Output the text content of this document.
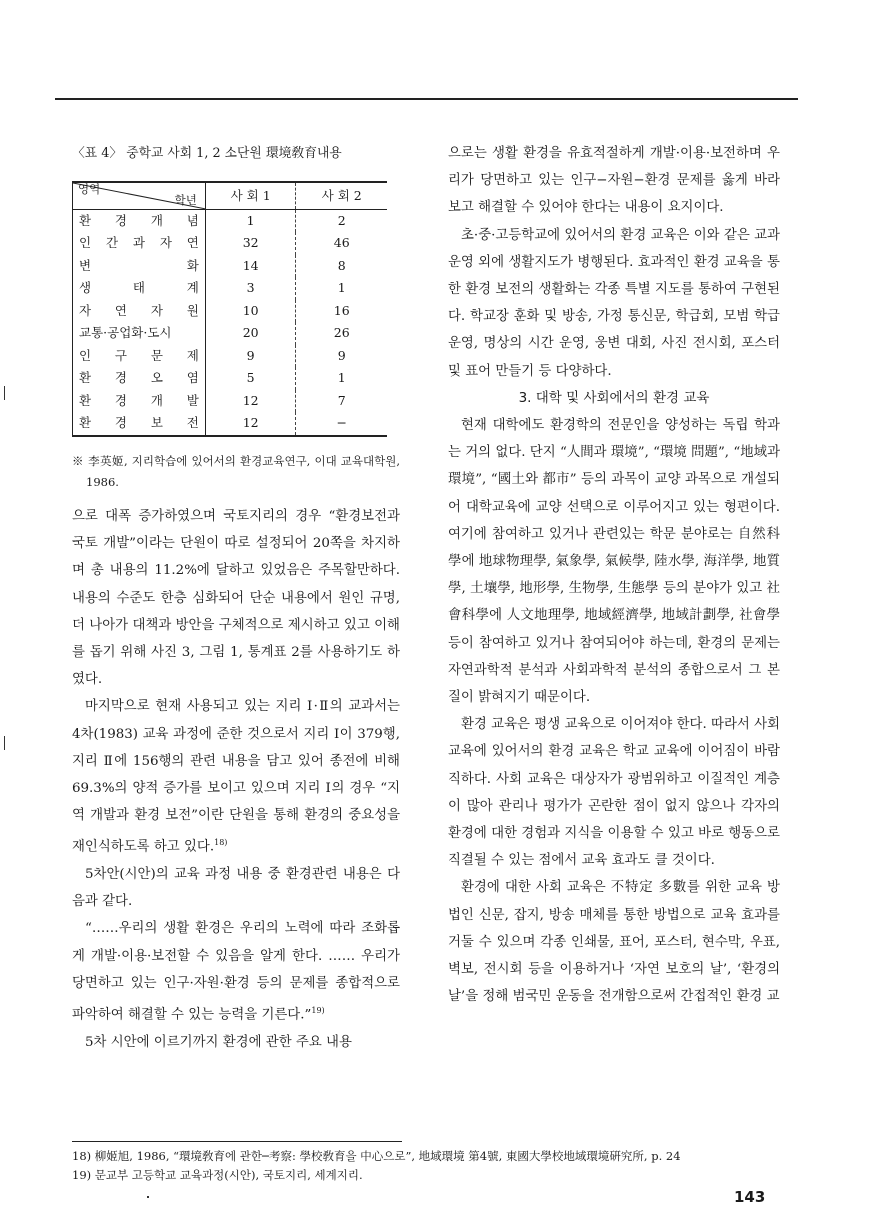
〈표 4〉 중학교 사회 1, 2 소단원 環境敎育내용

영역
학년	사 회 1	사 회 2
환 경 개 념	1	2
인 간 과 자 연	32	46
변 화	14	8
생 태 계	3	1
자 연 자 원	10	16
교통·공업화·도시	20	26
인 구 문 제	9	9
환 경 오 염	5	1
환 경 개 발	12	7
환 경 보 전	12	−

※ 李英姬, 지리학습에 있어서의 환경교육연구, 이대 교육대학원, 1986.

으로 대폭 증가하였으며 국토지리의 경우 “환경보전과 국토 개발”이라는 단원이 따로 설정되어 20쪽을 차지하며 총 내용의 11.2%에 달하고 있었음은 주목할만하다. 내용의 수준도 한층 심화되어 단순 내용에서 원인 규명, 더 나아가 대책과 방안을 구체적으로 제시하고 있고 이해를 돕기 위해 사진 3, 그림 1, 통계표 2를 사용하기도 하였다.

마지막으로 현재 사용되고 있는 지리 Ⅰ·Ⅱ의 교과서는 4차(1983) 교육 과정에 준한 것으로서 지리 Ⅰ이 379행, 지리 Ⅱ에 156행의 관련 내용을 담고 있어 종전에 비해 69.3%의 양적 증가를 보이고 있으며 지리 Ⅰ의 경우 “지역 개발과 환경 보전”이란 단원을 통해 환경의 중요성을 재인식하도록 하고 있다.$^{18)}$

5차안(시안)의 교육 과정 내용 중 환경관련 내용은 다음과 같다.

“……우리의 생활 환경은 우리의 노력에 따라 조화롭게 개발·이용·보전할 수 있음을 알게 한다. …… 우리가 당면하고 있는 인구·자원·환경 등의 문제를 종합적으로 파악하여 해결할 수 있는 능력을 기른다.”$^{19)}$

5차 시안에 이르기까지 환경에 관한 주요 내용

으로는 생활 환경을 유효적절하게 개발·이용·보전하며 우리가 당면하고 있는 인구−자원−환경 문제를 옳게 바라보고 해결할 수 있어야 한다는 내용이 요지이다.

초·중·고등학교에 있어서의 환경 교육은 이와 같은 교과 운영 외에 생활지도가 병행된다. 효과적인 환경 교육을 통한 환경 보전의 생활화는 각종 특별 지도를 통하여 구현된다. 학교장 훈화 및 방송, 가정 통신문, 학급회, 모범 학급 운영, 명상의 시간 운영, 웅변 대회, 사진 전시회, 포스터 및 표어 만들기 등 다양하다.

3. 대학 및 사회에서의 환경 교육

현재 대학에도 환경학의 전문인을 양성하는 독립 학과는 거의 없다. 단지 “人間과 環境”, “環境 問題”, “地域과 環境”, “國土와 都市” 등의 과목이 교양 과목으로 개설되어 대학교육에 교양 선택으로 이루어지고 있는 형편이다. 여기에 참여하고 있거나 관련있는 학문 분야로는 自然科學에 地球物理學, 氣象學, 氣候學, 陸水學, 海洋學, 地質學, 土壤學, 地形學, 生物學, 生態學 등의 분야가 있고 社會科學에 人文地理學, 地域經濟學, 地域計劃學, 社會學 등이 참여하고 있거나 참여되어야 하는데, 환경의 문제는 자연과학적 분석과 사회과학적 분석의 종합으로서 그 본질이 밝혀지기 때문이다.

환경 교육은 평생 교육으로 이어져야 한다. 따라서 사회 교육에 있어서의 환경 교육은 학교 교육에 이어짐이 바람직하다. 사회 교육은 대상자가 광범위하고 이질적인 계층이 많아 관리나 평가가 곤란한 점이 없지 않으나 각자의 환경에 대한 경험과 지식을 이용할 수 있고 바로 행동으로 직결될 수 있는 점에서 교육 효과도 클 것이다.

환경에 대한 사회 교육은 不特定 多數를 위한 교육 방법인 신문, 잡지, 방송 매체를 통한 방법으로 교육 효과를 거둘 수 있으며 각종 인쇄물, 표어, 포스터, 현수막, 우표, 벽보, 전시회 등을 이용하거나 ‘자연 보호의 날’, ‘환경의 날’을 정해 범국민 운동을 전개함으로써 간접적인 환경 교

18) 柳姬旭, 1986, “環境敎育에 관한─考察: 學校敎育을 中心으로”, 地域環境 第4號, 東國大學校地域環境硏究所, p. 24
19) 문교부 고등학교 교육과정(시안), 국토지리, 세계지리.
143
